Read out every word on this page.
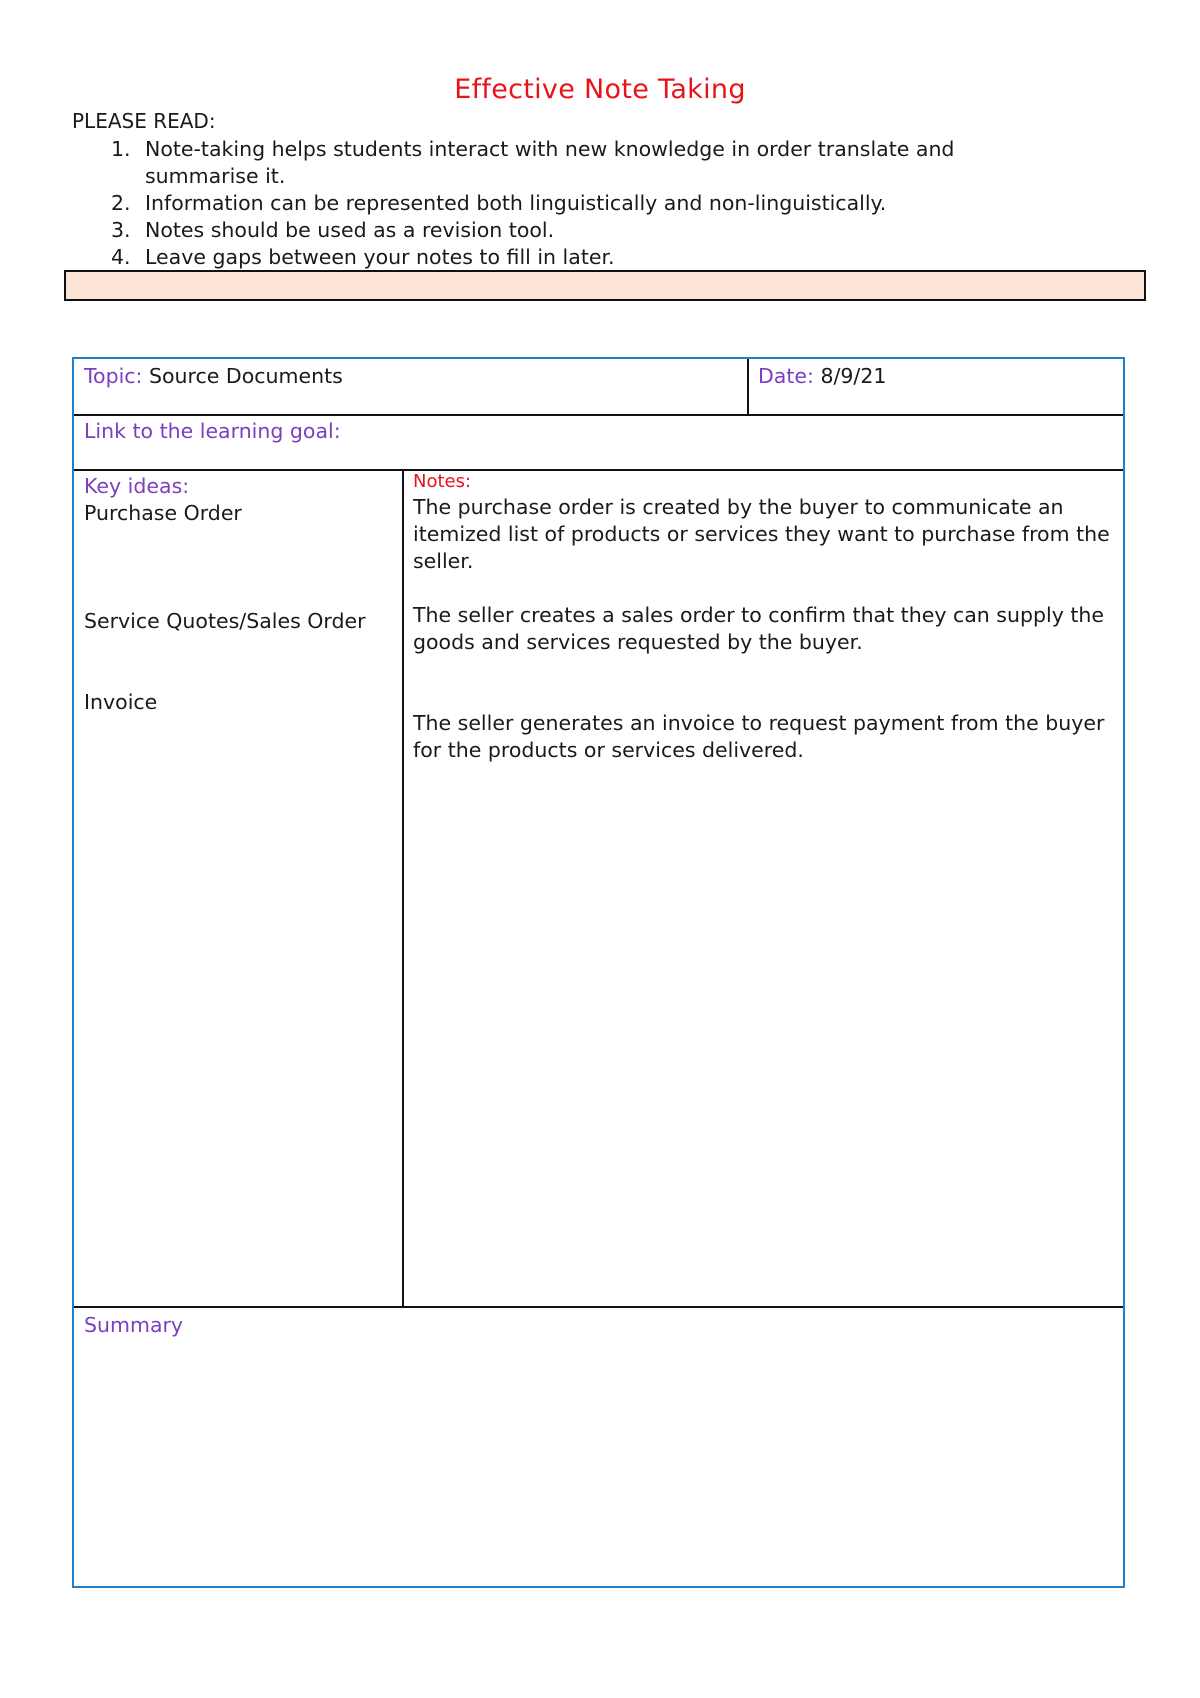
Effective Note Taking
PLEASE READ:
1. Note-taking helps students interact with new knowledge in order translate and summarise it.
2. Information can be represented both linguistically and non-linguistically.
3. Notes should be used as a revision tool.
4. Leave gaps between your notes to fill in later.
Topic: Source Documents	Date: 8/9/21
Link to the learning goal:
Key ideas:
Purchase Order
Service Quotes/Sales Order
Invoice
Notes:
The purchase order is created by the buyer to communicate an itemized list of products or services they want to purchase from the seller.
The seller creates a sales order to confirm that they can supply the goods and services requested by the buyer.
The seller generates an invoice to request payment from the buyer for the products or services delivered.
Summary
